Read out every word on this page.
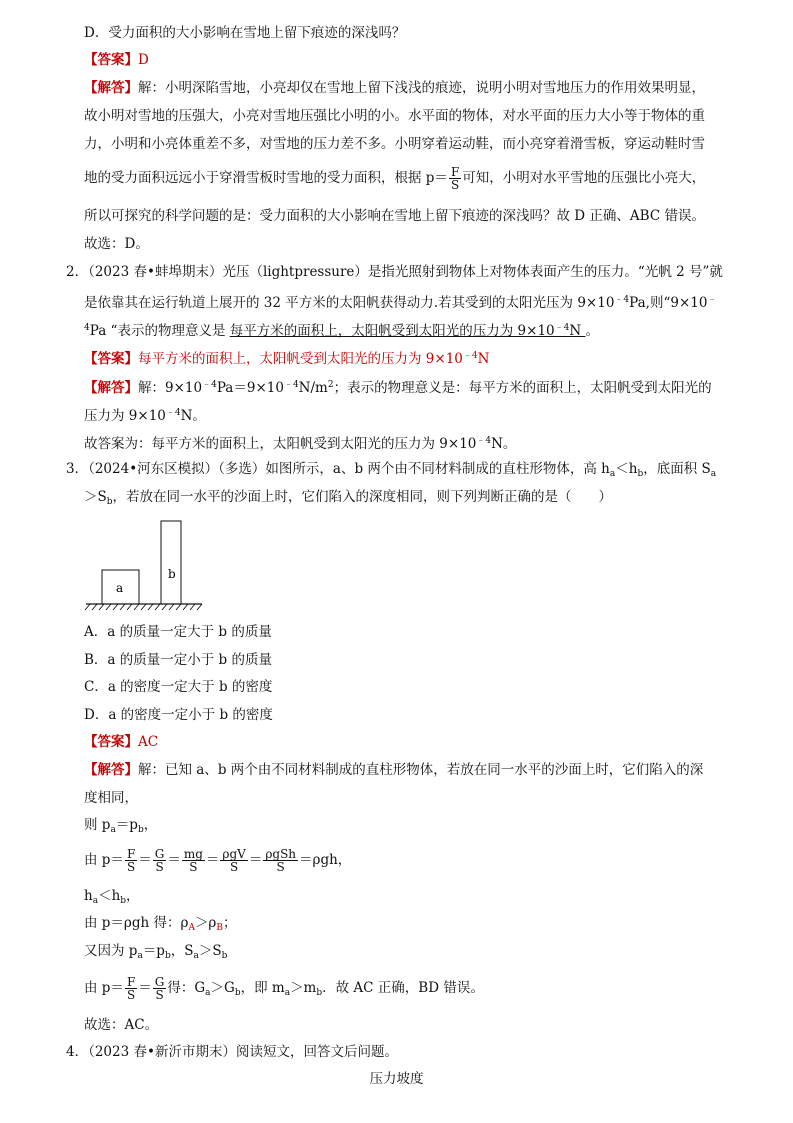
D．受力面积的大小影响在雪地上留下痕迹的深浅吗？
【答案】D
【解答】解：小明深陷雪地，小亮却仅在雪地上留下浅浅的痕迹，说明小明对雪地压力的作用效果明显，
故小明对雪地的压强大，小亮对雪地压强比小明的小。水平面的物体，对水平面的压力大小等于物体的重
力，小明和小亮体重差不多，对雪地的压力差不多。小明穿着运动鞋，而小亮穿着滑雪板，穿运动鞋时雪
地的受力面积远远小于穿滑雪板时雪地的受力面积，根据 $p= \frac{F}{S}$ 可知，小明对水平雪地的压强比小亮大，
所以可探究的科学问题的是：受力面积的大小影响在雪地上留下痕迹的深浅吗？故 D 正确、ABC 错误。
故选：D。
2．（2023 春•蚌埠期末）光压（lightpressure）是指光照射到物体上对物体表面产生的压力。“光帆 2 号”就
是依靠其在运行轨道上展开的 32 平方米的太阳帆获得动力.若其受到的太阳光压为 $9\times 10^{﹣4}Pa$,则“9×10﹣
$^4$Pa “表示的物理意义是 每平方米的面积上，太阳帆受到太阳光的压力为 $9\times 10^{﹣4}N$ 。
【答案】每平方米的面积上，太阳帆受到太阳光的压力为 $9\times 10^{﹣4}N$
【解答】解：$9\times 10^{﹣4}Pa=9\times 10^{﹣4}N/m^2$；表示的物理意义是：每平方米的面积上，太阳帆受到太阳光的
压力为 $9\times 10^{﹣4}N$。
故答案为：每平方米的面积上，太阳帆受到太阳光的压力为 $9\times 10^{﹣4}N$。
3．（2024•河东区模拟）（多选）如图所示，a、b 两个由不同材料制成的直柱形物体，高 $h_a<h_b$，底面积 $S_a$
$>S_b$，若放在同一水平的沙面上时，它们陷入的深度相同，则下列判断正确的是（　　）
a
b
A．a 的质量一定大于 b 的质量
B．a 的质量一定小于 b 的质量
C．a 的密度一定大于 b 的密度
D．a 的密度一定小于 b 的密度
【答案】AC
【解答】解：已知 a、b 两个由不同材料制成的直柱形物体，若放在同一水平的沙面上时，它们陷入的深
度相同，
则 $p_a=p_b$，
由 $p= \frac{F}{S} = \frac{G}{S} = \frac{mg}{S} = \frac{\text{ρgV}}{S} = \frac{\text{ρgSh}}{S} =\rho gh$，
$h_a<h_b$，
由 p＝ρgh 得：$\rho_A>\rho_B$；
又因为 $p_a=p_b$，$S_a>S_b$
由 $p= \frac{F}{S} = \frac{G}{S}$ 得：$G_a>G_b$，即 $m_a>m_b$．故 AC 正确，BD 错误。
故选：AC。
4．（2023 春•新沂市期末）阅读短文，回答文后问题。
压力坡度
